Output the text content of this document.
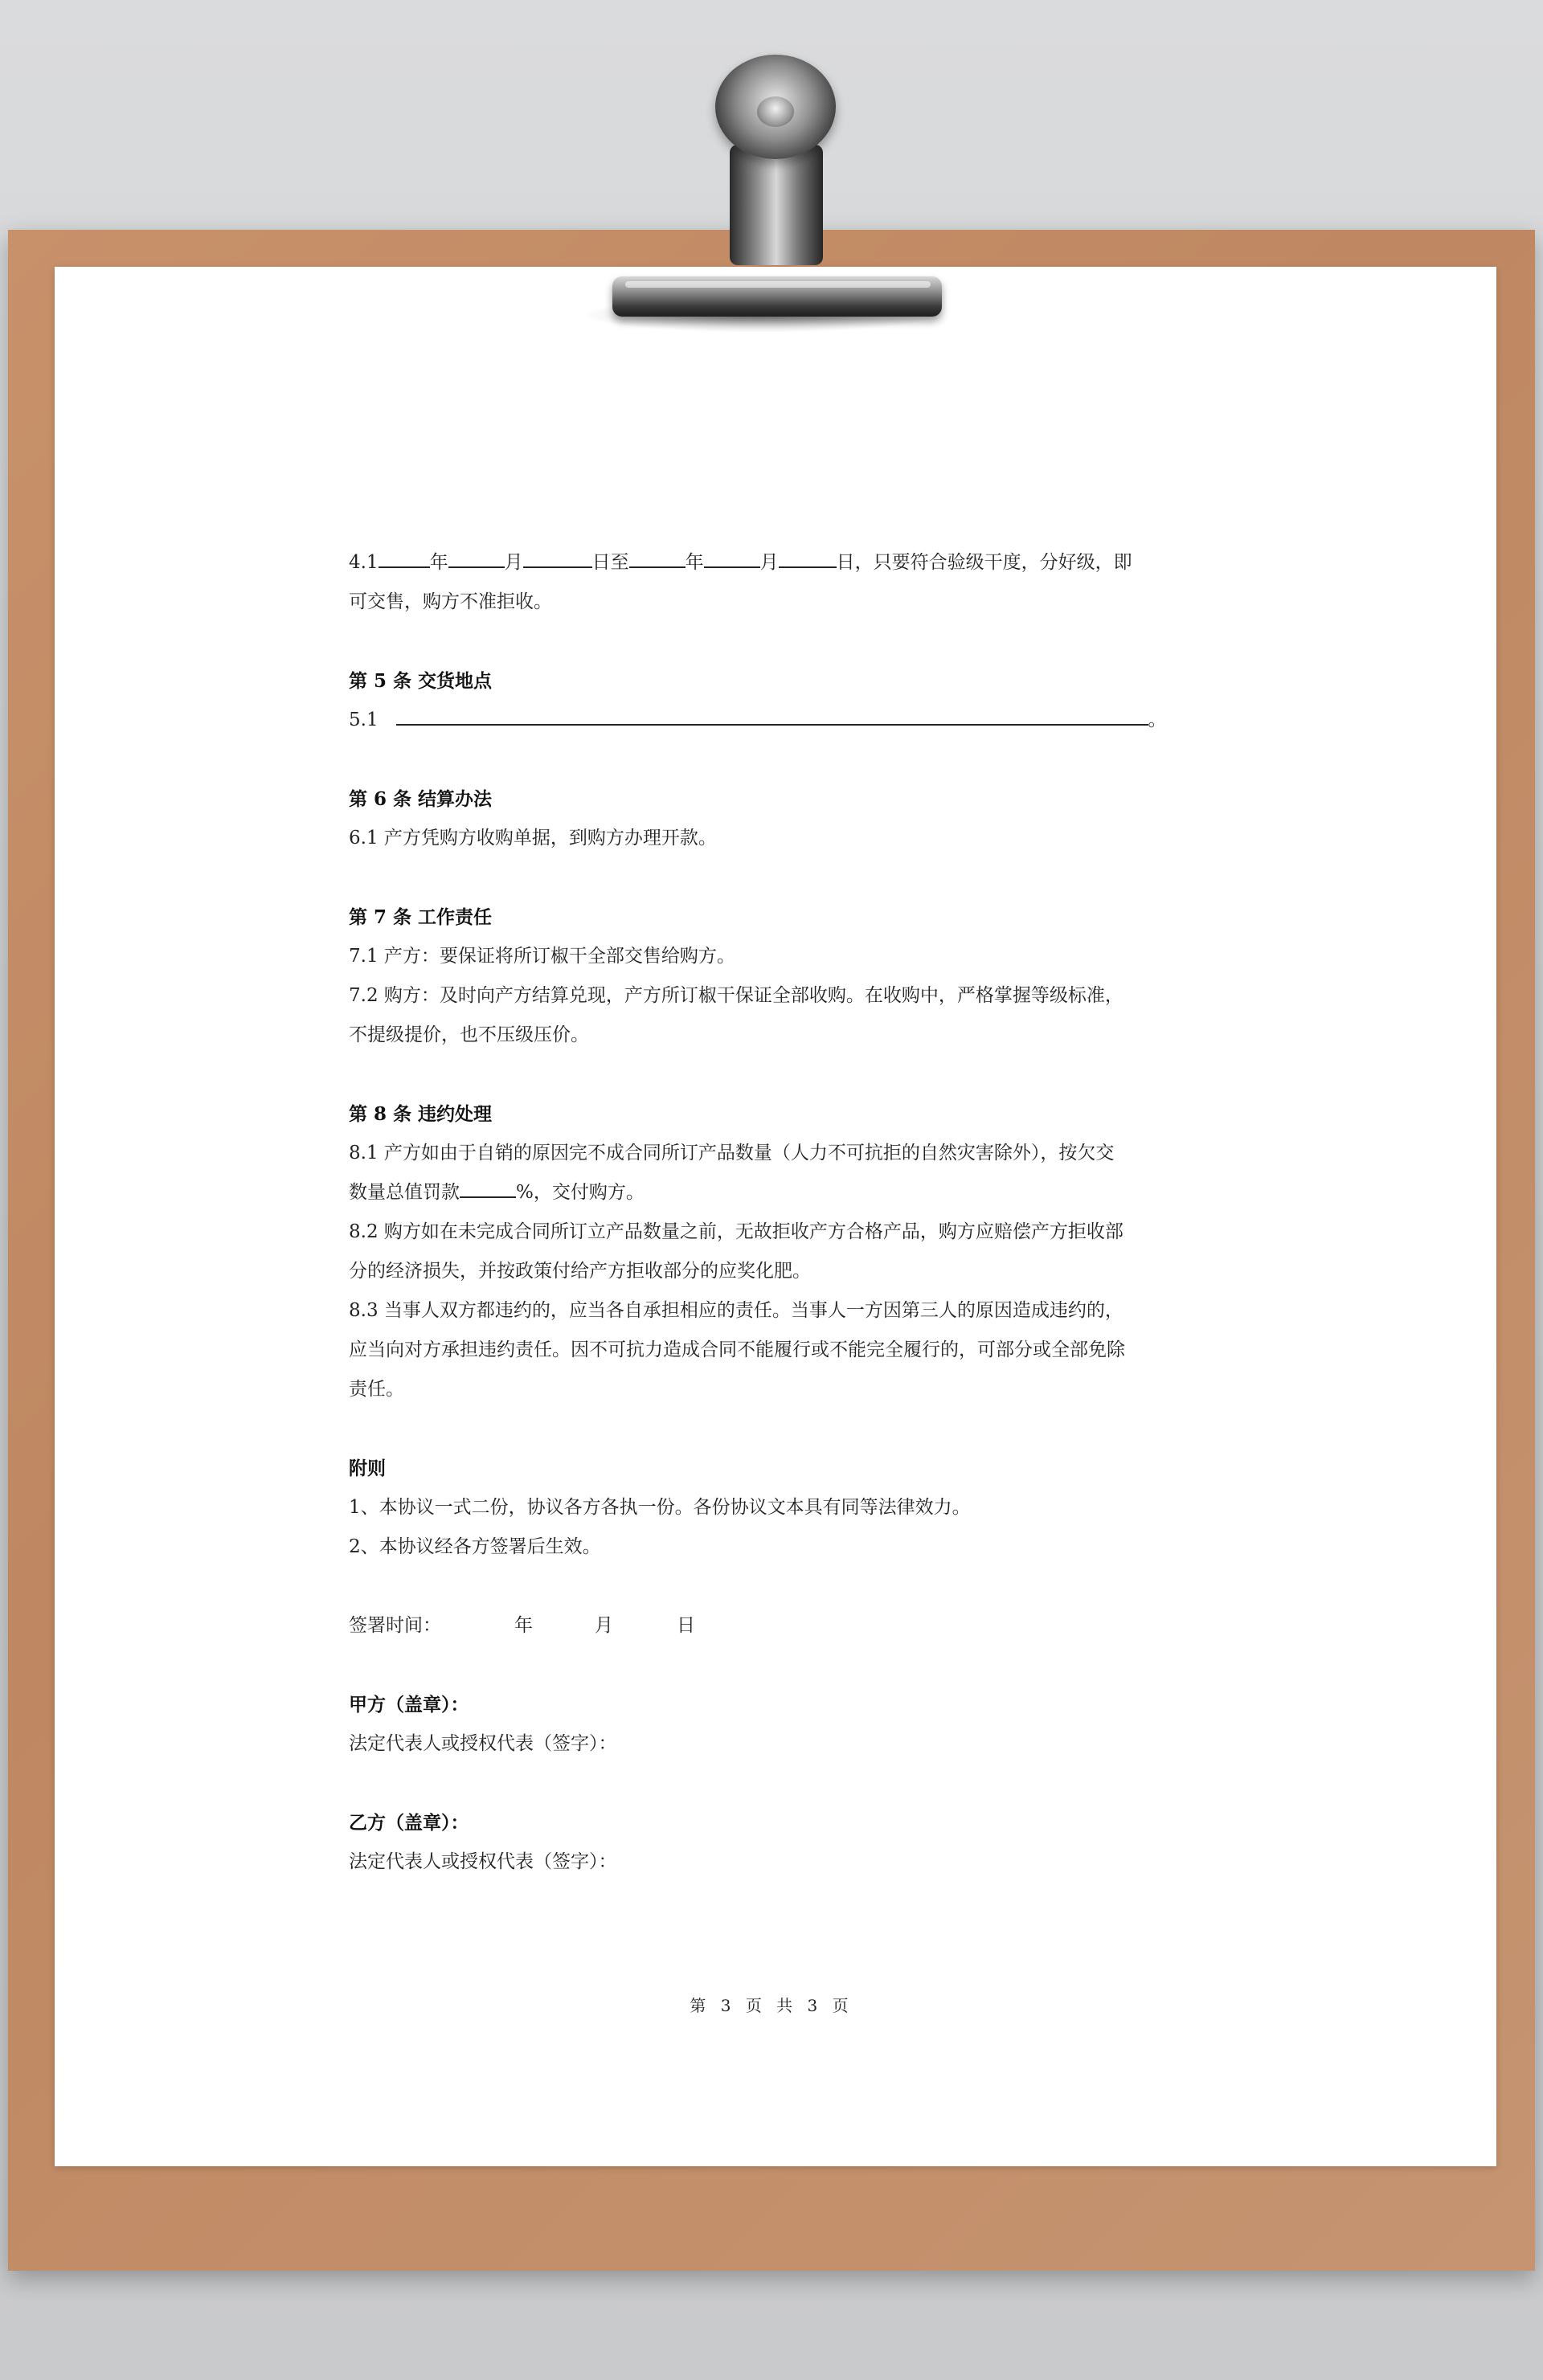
4.1	年	月	日至	年	月	日，只要符合验级干度，分好级，即

可交售，购方不准拒收。

第 5 条 交货地点

5.1	。

第 6 条 结算办法

6.1 产方凭购方收购单据，到购方办理开款。

第 7 条 工作责任

7.1 产方：要保证将所订椒干全部交售给购方。

7.2 购方：及时向产方结算兑现，产方所订椒干保证全部收购。在收购中，严格掌握等级标准，

不提级提价，也不压级压价。

第 8 条 违约处理

8.1 产方如由于自销的原因完不成合同所订产品数量（人力不可抗拒的自然灾害除外），按欠交

数量总值罚款	%，交付购方。

8.2 购方如在未完成合同所订立产品数量之前，无故拒收产方合格产品，购方应赔偿产方拒收部

分的经济损失，并按政策付给产方拒收部分的应奖化肥。

8.3 当事人双方都违约的，应当各自承担相应的责任。当事人一方因第三人的原因造成违约的，

应当向对方承担违约责任。因不可抗力造成合同不能履行或不能完全履行的，可部分或全部免除

责任。

附则

1、本协议一式二份，协议各方各执一份。各份协议文本具有同等法律效力。

2、本协议经各方签署后生效。

签署时间：	年	月	日

甲方（盖章）：

法定代表人或授权代表（签字）：

乙方（盖章）：

法定代表人或授权代表（签字）：

第 3 页 共 3 页
